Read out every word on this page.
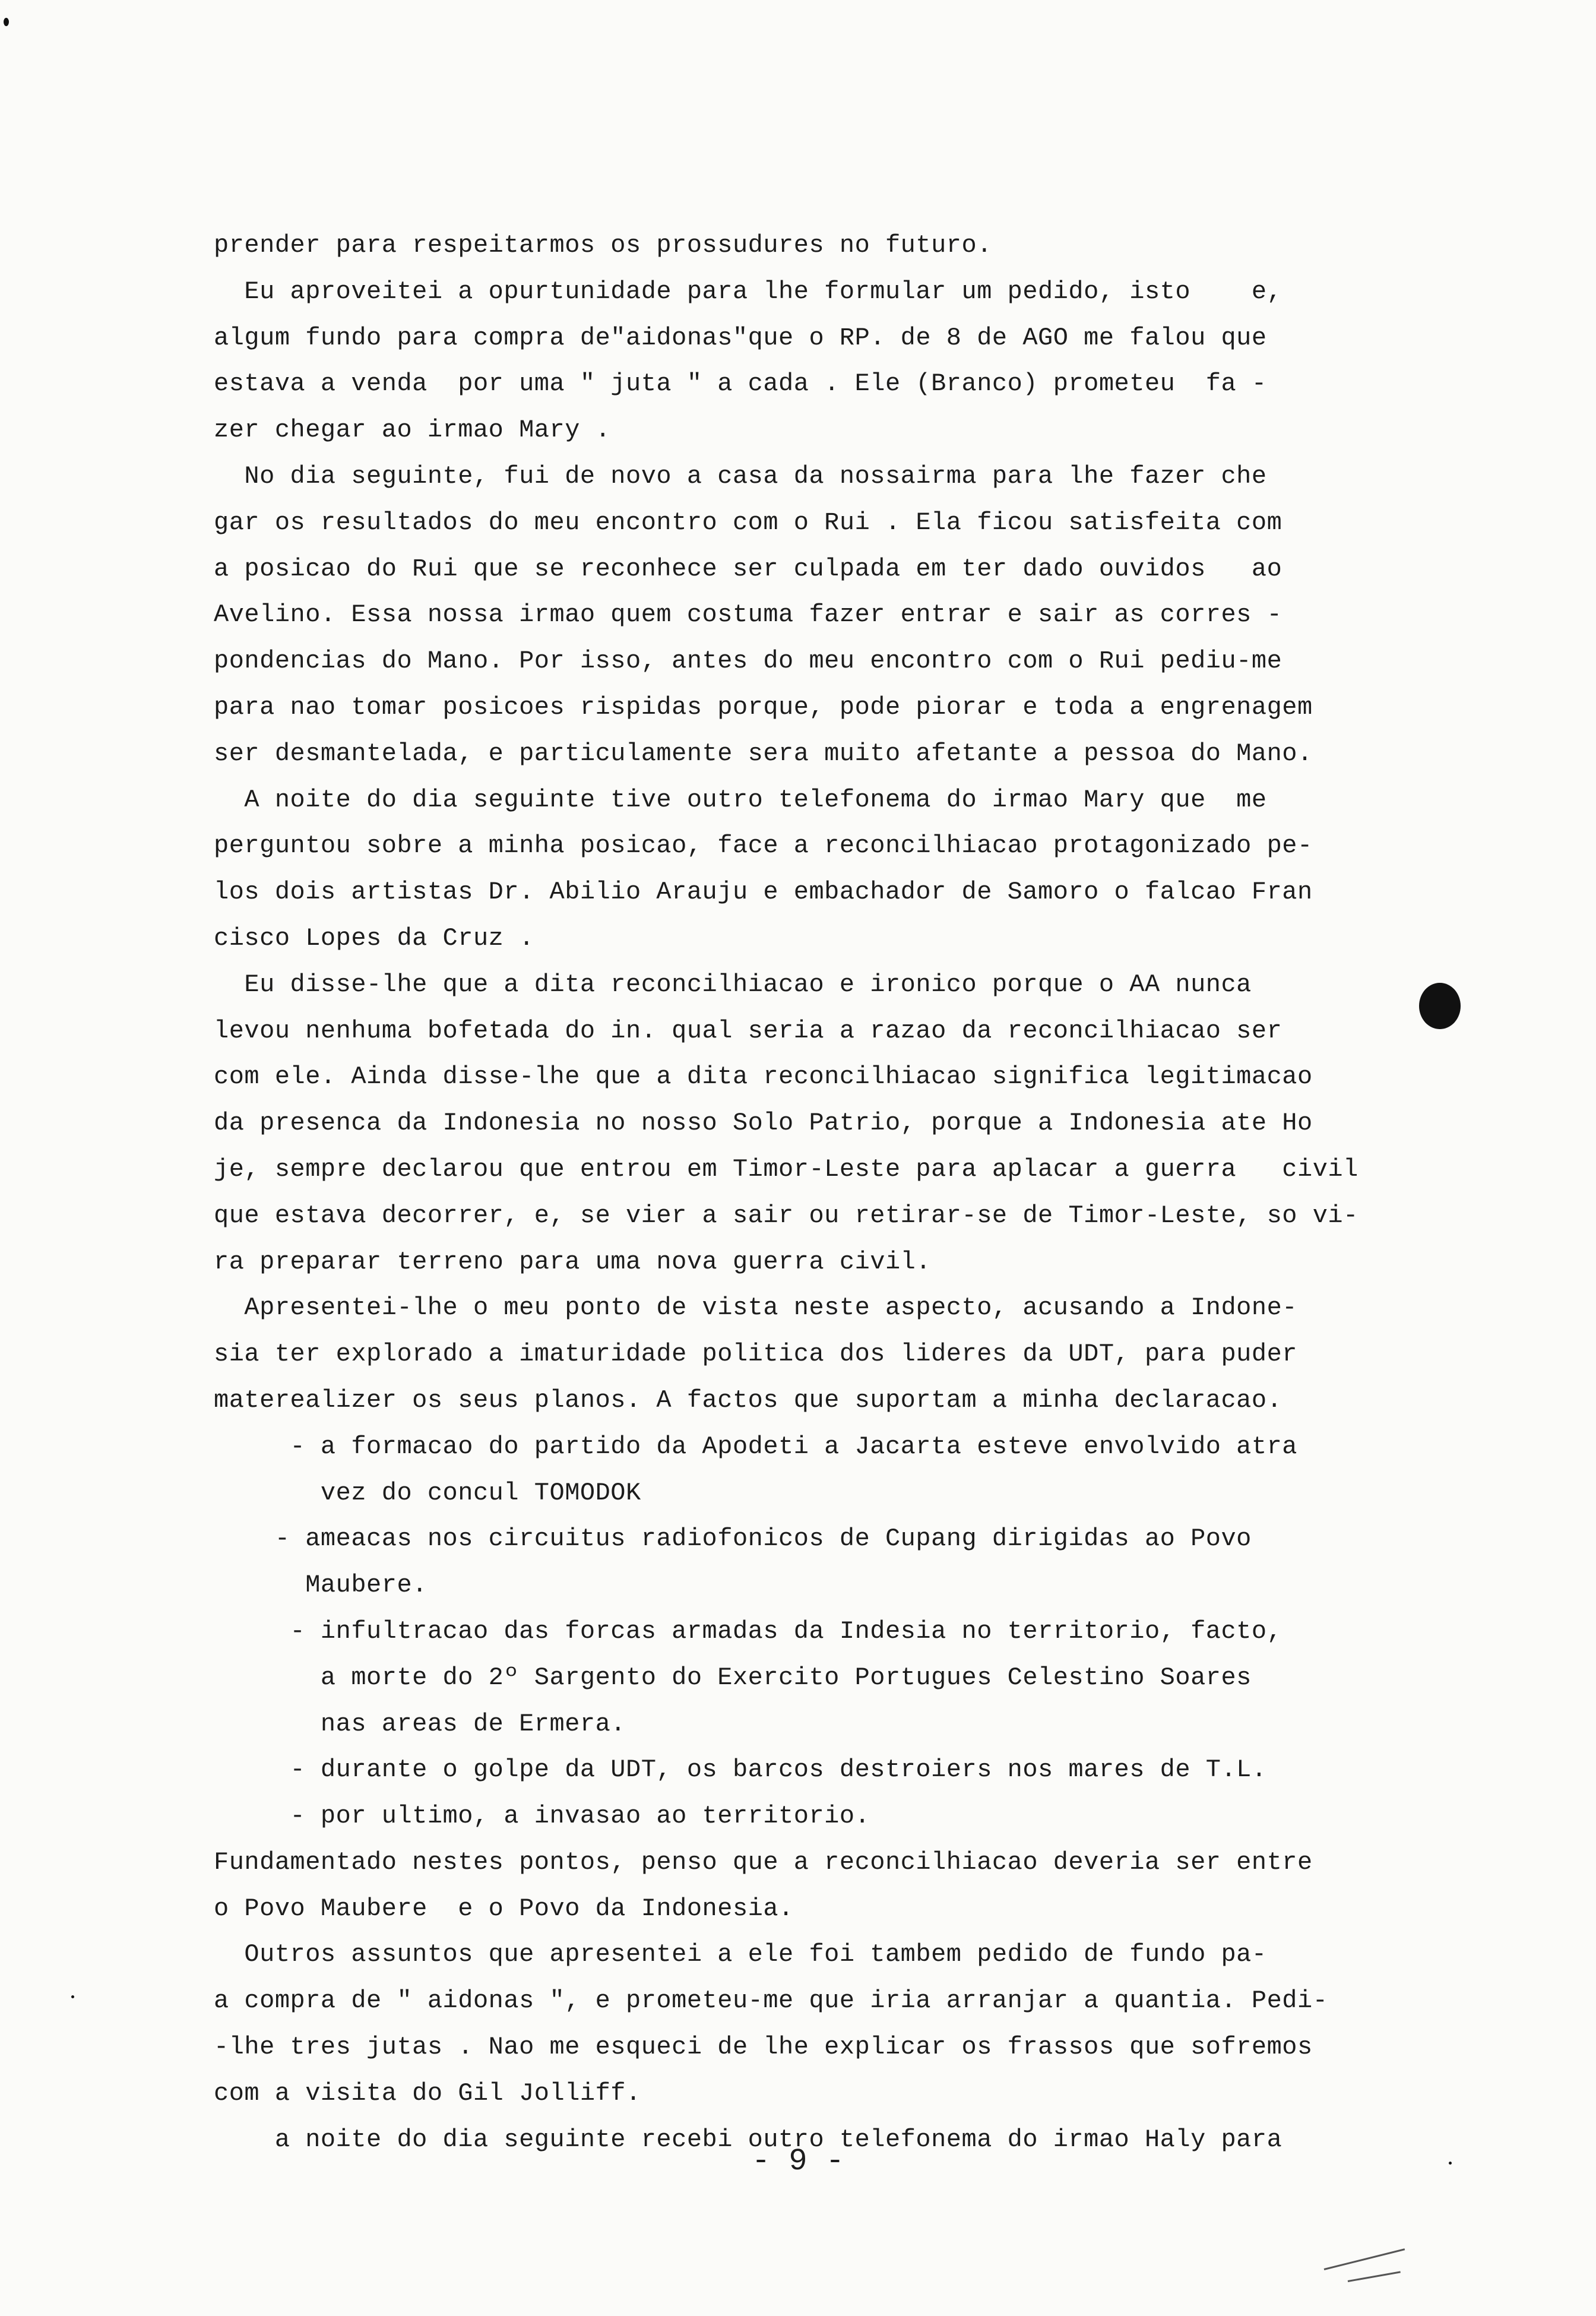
prender para respeitarmos os prossudures no futuro.
Eu aproveitei a opurtunidade para lhe formular um pedido, isto    e,
algum fundo para compra de"aidonas"que o RP. de 8 de AGO me falou que
estava a venda  por uma " juta " a cada . Ele (Branco) prometeu  fa -
zer chegar ao irmao Mary .
No dia seguinte, fui de novo a casa da nossairma para lhe fazer che
gar os resultados do meu encontro com o Rui . Ela ficou satisfeita com
a posicao do Rui que se reconhece ser culpada em ter dado ouvidos   ao
Avelino. Essa nossa irmao quem costuma fazer entrar e sair as corres -
pondencias do Mano. Por isso, antes do meu encontro com o Rui pediu-me
para nao tomar posicoes rispidas porque, pode piorar e toda a engrenagem
ser desmantelada, e particulamente sera muito afetante a pessoa do Mano.
A noite do dia seguinte tive outro telefonema do irmao Mary que  me
perguntou sobre a minha posicao, face a reconcilhiacao protagonizado pe-
los dois artistas Dr. Abilio Arauju e embachador de Samoro o falcao Fran
cisco Lopes da Cruz .
Eu disse-lhe que a dita reconcilhiacao e ironico porque o AA nunca
levou nenhuma bofetada do in. qual seria a razao da reconcilhiacao ser
com ele. Ainda disse-lhe que a dita reconcilhiacao significa legitimacao
da presenca da Indonesia no nosso Solo Patrio, porque a Indonesia ate Ho
je, sempre declarou que entrou em Timor-Leste para aplacar a guerra   civil
que estava decorrer, e, se vier a sair ou retirar-se de Timor-Leste, so vi-
ra preparar terreno para uma nova guerra civil.
Apresentei-lhe o meu ponto de vista neste aspecto, acusando a Indone-
sia ter explorado a imaturidade politica dos lideres da UDT, para puder
materealizer os seus planos. A factos que suportam a minha declaracao.
- a formacao do partido da Apodeti a Jacarta esteve envolvido atra
vez do concul TOMODOK
- ameacas nos circuitus radiofonicos de Cupang dirigidas ao Povo
Maubere.
- infultracao das forcas armadas da Indesia no territorio, facto,
a morte do 2º Sargento do Exercito Portugues Celestino Soares
nas areas de Ermera.
- durante o golpe da UDT, os barcos destroiers nos mares de T.L.
- por ultimo, a invasao ao territorio.
Fundamentado nestes pontos, penso que a reconcilhiacao deveria ser entre
o Povo Maubere  e o Povo da Indonesia.
Outros assuntos que apresentei a ele foi tambem pedido de fundo pa-
a compra de " aidonas ", e prometeu-me que iria arranjar a quantia. Pedi-
-lhe tres jutas . Nao me esqueci de lhe explicar os frassos que sofremos
com a visita do Gil Jolliff.
a noite do dia seguinte recebi outro telefonema do irmao Haly para
- 9 -
